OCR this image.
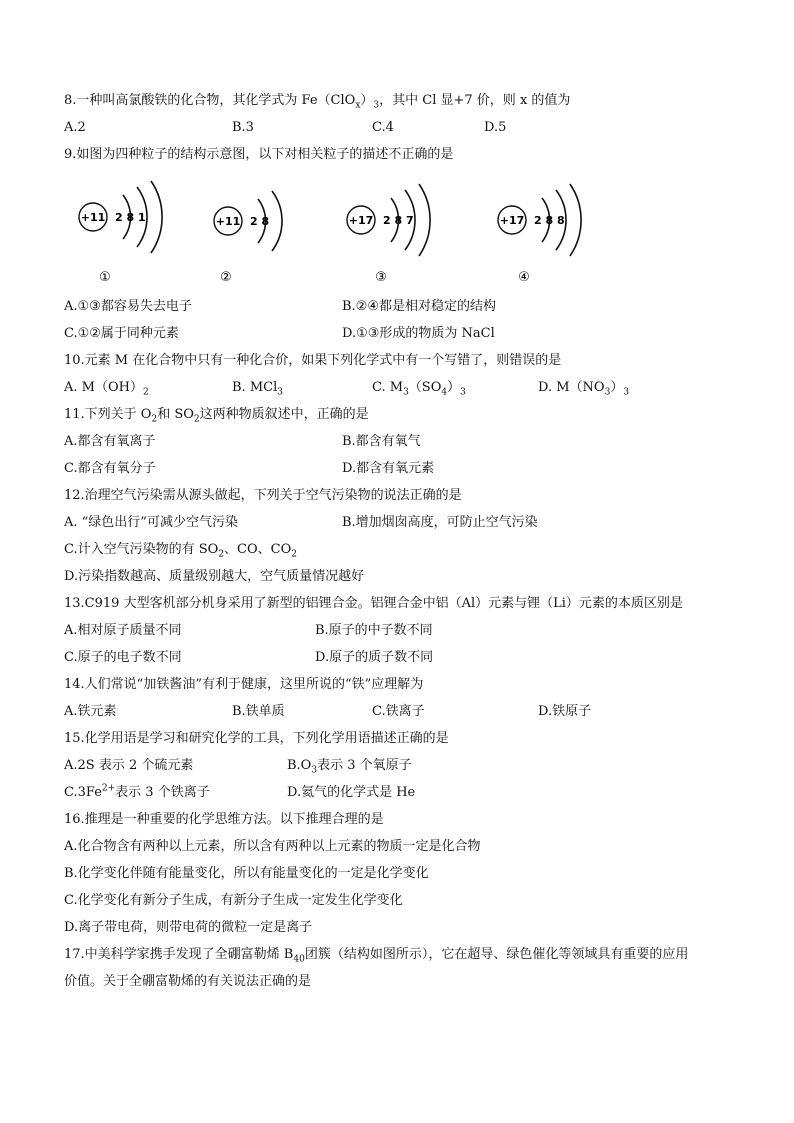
8.一种叫高氯酸铁的化合物，其化学式为 $Fe(ClO_x)_3$，其中 Cl 显+7 价，则 x 的值为
A.2	B.3	C.4	D.5
9.如图为四种粒子的结构示意图，以下对相关粒子的描述不正确的是
+11 2 8 1
①
+11 2 8
②
+17 2 8 7
③
+17 2 8 8
④
A.①③都容易失去电子	B.②④都是相对稳定的结构
C.①②属于同种元素	D.①③形成的物质为 NaCl
10.元素 M 在化合物中只有一种化合价，如果下列化学式中有一个写错了，则错误的是
A. $M(OH)_2$	B. MCl$_3$	C. $M_3(SO_4)_3$	D. $M(NO_3)_3$
11.下列关于 $O_2$和 $SO_2$这两种物质叙述中，正确的是
A.都含有氧离子	B.都含有氧气
C.都含有氧分子	D.都含有氧元素
12.治理空气污染需从源头做起，下列关于空气污染物的说法正确的是
A. “绿色出行”可减少空气污染	B.增加烟囱高度，可防止空气污染
C.计入空气污染物的有 $SO_2$、CO、$CO_2$
D.污染指数越高、质量级别越大，空气质量情况越好
13.C919 大型客机部分机身采用了新型的铝锂合金。铝锂合金中铝（Al）元素与锂（Li）元素的本质区别是
A.相对原子质量不同	B.原子的中子数不同
C.原子的电子数不同	D.原子的质子数不同
14.人们常说“加铁酱油”有利于健康，这里所说的“铁”应理解为
A.铁元素	B.铁单质	C.铁离子	D.铁原子
15.化学用语是学习和研究化学的工具，下列化学用语描述正确的是
A.2S 表示 2 个硫元素	$B.O_3$表示 3 个氧原子
$C.3Fe^{2+}$表示 3 个铁离子	D.氦气的化学式是 He
16.推理是一种重要的化学思维方法。以下推理合理的是
A.化合物含有两种以上元素，所以含有两种以上元素的物质一定是化合物
B.化学变化伴随有能量变化，所以有能量变化的一定是化学变化
C.化学变化有新分子生成，有新分子生成一定发生化学变化
D.离子带电荷，则带电荷的微粒一定是离子
17.中美科学家携手发现了全硼富勒烯 $B_{40}$团簇（结构如图所示），它在超导、绿色催化等领域具有重要的应用
价值。关于全硼富勒烯的有关说法正确的是
